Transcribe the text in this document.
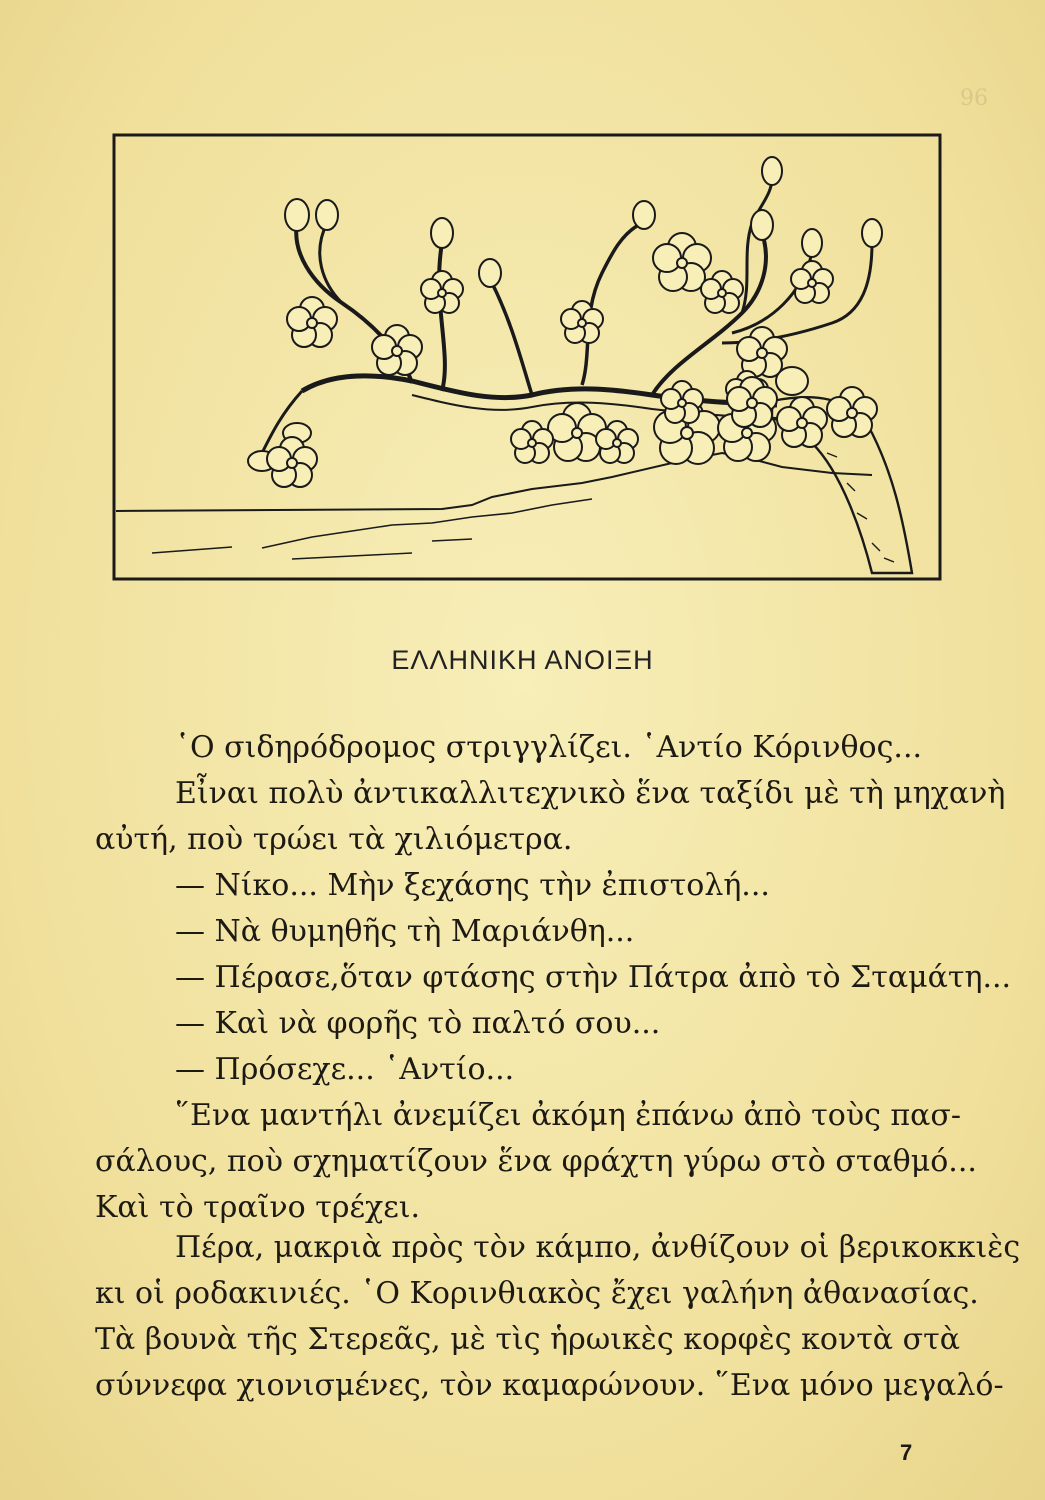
96
ΕΛΛΗΝΙΚΗ ΑΝΟΙΞΗ
῾Ο σιδηρόδρομος στριγγλίζει. ῾Αντίο Κόρινθος...
Εἶναι πολὺ ἀντικαλλιτεχνικὸ ἕνα ταξίδι μὲ τὴ μηχανὴ
αὐτή, ποὺ τρώει τὰ χιλιόμετρα.
— Νίκο... Μὴν ξεχάσης τὴν ἐπιστολή...
— Νὰ θυμηθῆς τὴ Μαριάνθη...
— Πέρασε,ὅταν φτάσης στὴν Πάτρα ἀπὸ τὸ Σταμάτη...
— Καὶ νὰ φορῆς τὸ παλτό σου...
— Πρόσεχε... ῾Αντίο...
῞Ενα μαντήλι ἀνεμίζει ἀκόμη ἐπάνω ἀπὸ τοὺς πασ-
σάλους, ποὺ σχηματίζουν ἕνα φράχτη γύρω στὸ σταθμό...
Καὶ τὸ τραῖνο τρέχει.
Πέρα, μακριὰ πρὸς τὸν κάμπο, ἀνθίζουν οἱ βερικοκκιὲς
κι οἱ ροδακινιές. ῾Ο Κορινθιακὸς ἔχει γαλήνη ἀθανασίας.
Τὰ βουνὰ τῆς Στερεᾶς, μὲ τὶς ἡρωικὲς κορφὲς κοντὰ στὰ
σύννεφα χιονισμένες, τὸν καμαρώνουν. ῞Ενα μόνο μεγαλό-
7
